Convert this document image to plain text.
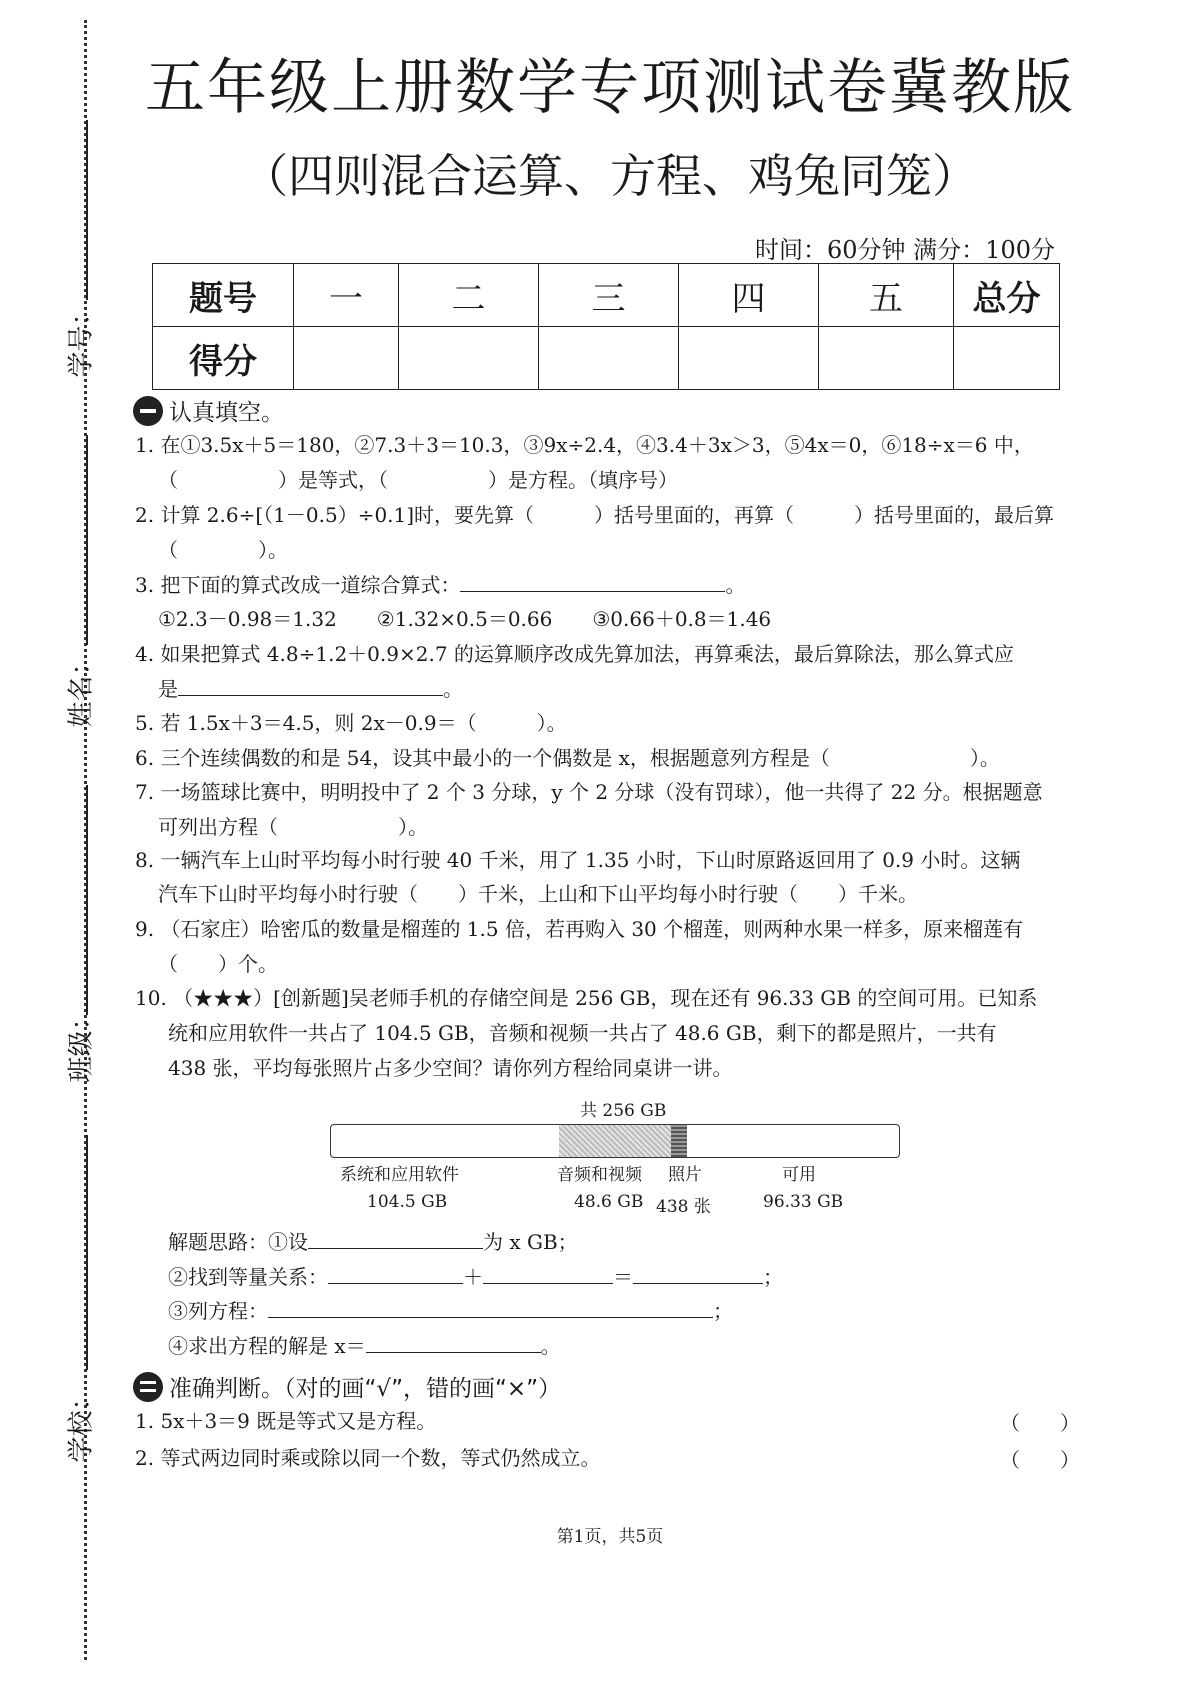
学号：
姓名：
班级：
学校：
五年级上册数学专项测试卷冀教版
（四则混合运算、方程、鸡兔同笼）
时间：60分钟 满分：100分
题号	一	二	三	四	五	总分
得分						
认真填空。
1. 在①3.5x＋5＝180，②7.3＋3＝10.3，③9x÷2.4，④3.4＋3x＞3，⑤4x＝0，⑥18÷x＝6 中，
（　　　　　）是等式，（　　　　　）是方程。（填序号）
2. 计算 2.6÷[（1－0.5）÷0.1]时，要先算（　　　）括号里面的，再算（　　　）括号里面的，最后算
（　　　　）。
3. 把下面的算式改成一道综合算式：	。
①2.3－0.98＝1.32　　②1.32×0.5＝0.66　　③0.66＋0.8＝1.46
4. 如果把算式 4.8÷1.2＋0.9×2.7 的运算顺序改成先算加法，再算乘法，最后算除法，那么算式应
是	。
5. 若 1.5x＋3＝4.5，则 2x－0.9＝（　　　）。
6. 三个连续偶数的和是 54，设其中最小的一个偶数是 x，根据题意列方程是（　　　　　　　）。
7. 一场篮球比赛中，明明投中了 2 个 3 分球，y 个 2 分球（没有罚球），他一共得了 22 分。根据题意
可列出方程（　　　　　　）。
8. 一辆汽车上山时平均每小时行驶 40 千米，用了 1.35 小时，下山时原路返回用了 0.9 小时。这辆
汽车下山时平均每小时行驶（　　）千米，上山和下山平均每小时行驶（　　）千米。
9. （石家庄）哈密瓜的数量是榴莲的 1.5 倍，若再购入 30 个榴莲，则两种水果一样多，原来榴莲有
（　　）个。
10. （★★★）[创新题]吴老师手机的存储空间是 256 GB，现在还有 96.33 GB 的空间可用。已知系
统和应用软件一共占了 104.5 GB，音频和视频一共占了 48.6 GB，剩下的都是照片，一共有
438 张，平均每张照片占多少空间？请你列方程给同桌讲一讲。
共 256 GB
系统和应用软件	音频和视频 照片	可用
104.5 GB	48.6 GB 438 张	96.33 GB
解题思路：①设	为 x GB；
②找到等量关系：	＋	＝	；
③列方程：	；
④求出方程的解是 x＝	。
准确判断。（对的画“√”，错的画“×”）
1. 5x＋3＝9 既是等式又是方程。	（　　）
2. 等式两边同时乘或除以同一个数，等式仍然成立。	（　　）
第1页，共5页
